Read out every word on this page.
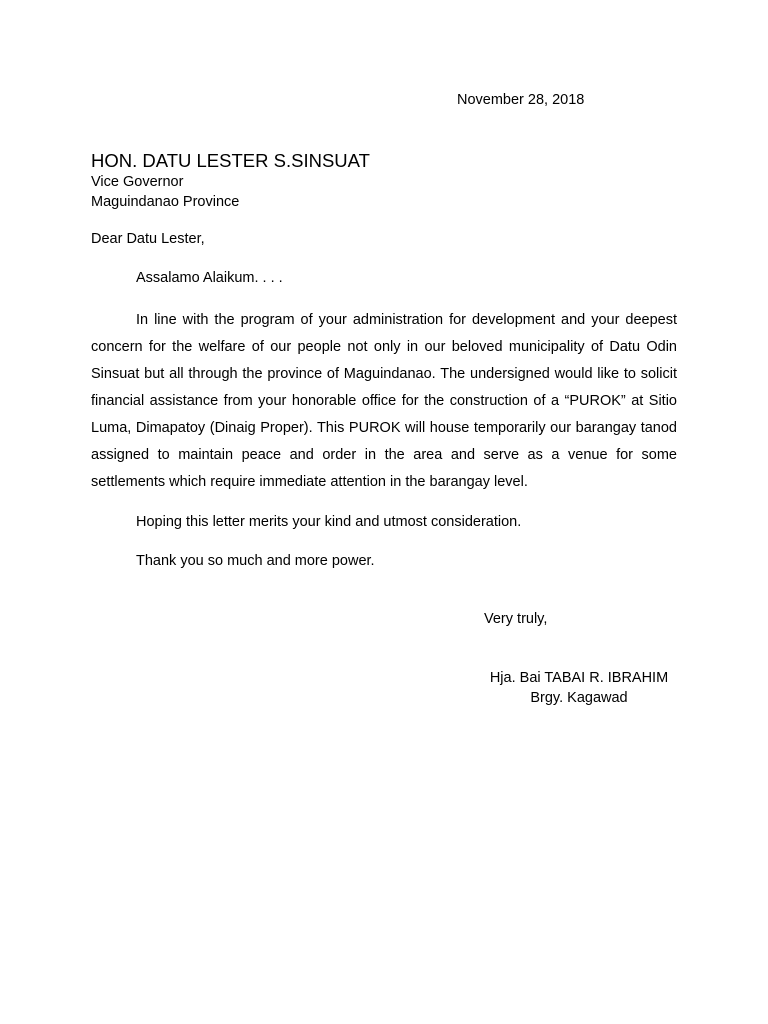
November 28, 2018
HON. DATU LESTER S.SINSUAT
Vice Governor
Maguindanao Province
Dear Datu Lester,
Assalamo Alaikum. . . .

In line with the program of your administration for development and your deepest concern for the welfare of our people not only in our beloved municipality of Datu Odin Sinsuat but all through the province of Maguindanao. The undersigned would like to solicit financial assistance from your honorable office for the construction of a “PUROK” at Sitio Luma, Dimapatoy (Dinaig Proper). This PUROK will house temporarily our barangay tanod assigned to maintain peace and order in the area and serve as a venue for some settlements which require immediate attention in the barangay level.

Hoping this letter merits your kind and utmost consideration.
Thank you so much and more power.
Very truly,
Hja. Bai TABAI R. IBRAHIM
Brgy. Kagawad
